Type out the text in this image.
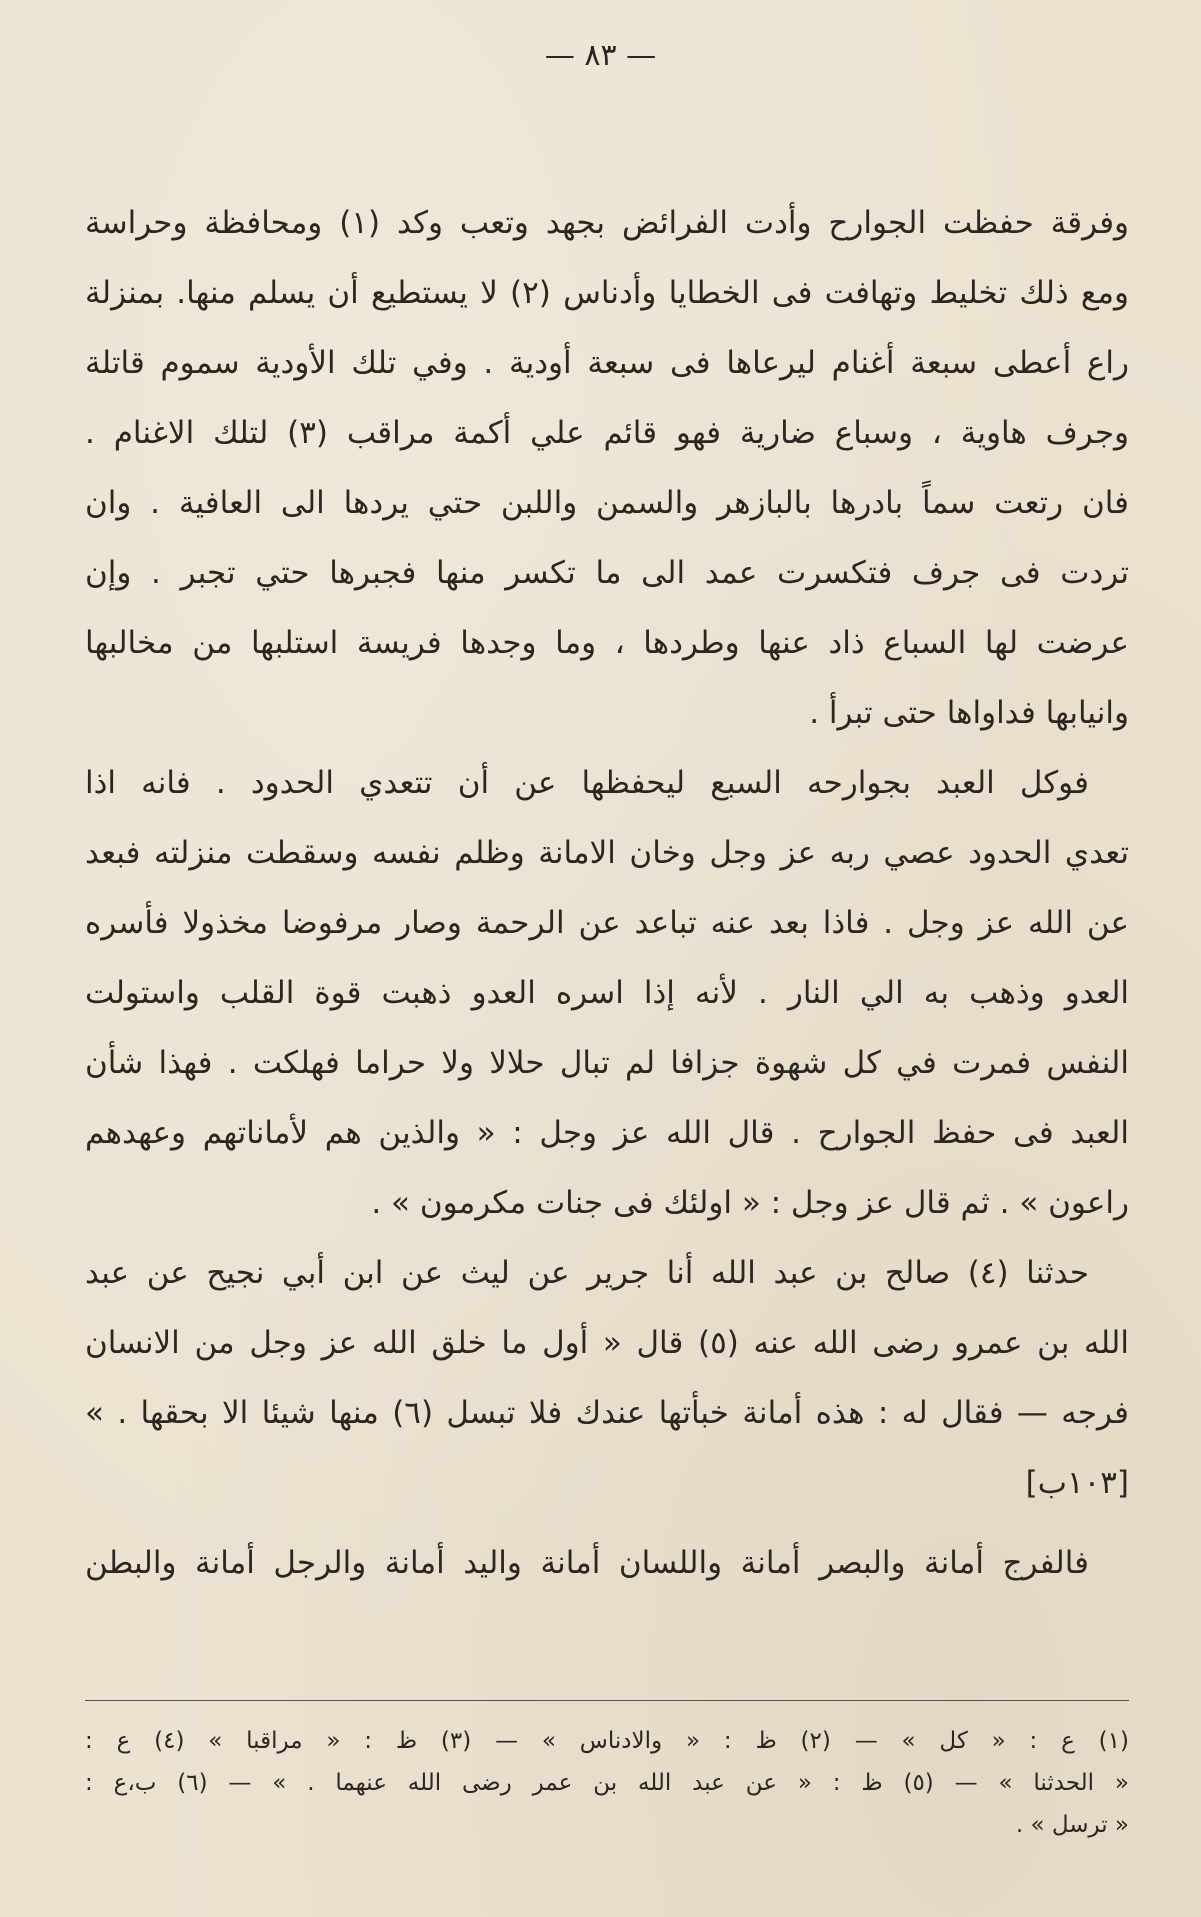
— ٨٣ —
وفرقة حفظت الجوارح وأدت الفرائض بجهد وتعب وكد (١) ومحافظة وحراسة
ومع ذلك تخليط وتهافت فى الخطايا وأدناس (٢) لا يستطيع أن يسلم منها. بمنزلة
راع أعطى سبعة أغنام ليرعاها فى سبعة أودية . وفي تلك الأودية سموم قاتلة
وجرف هاوية ، وسباع ضارية فهو قائم علي أكمة مراقب (٣) لتلك الاغنام .
فان رتعت سماً بادرها بالبازهر والسمن واللبن حتي يردها الى العافية . وان
تردت فى جرف فتكسرت عمد الى ما تكسر منها فجبرها حتي تجبر . وإن
عرضت لها السباع ذاد عنها وطردها ، وما وجدها فريسة استلبها من مخالبها
وانيابها فداواها حتى تبرأ .
فوكل العبد بجوارحه السبع ليحفظها عن أن تتعدي الحدود . فانه اذا
تعدي الحدود عصي ربه عز وجل وخان الامانة وظلم نفسه وسقطت منزلته فبعد
عن الله عز وجل . فاذا بعد عنه تباعد عن الرحمة وصار مرفوضا مخذولا فأسره
العدو وذهب به الي النار . لأنه إذا اسره العدو ذهبت قوة القلب واستولت
النفس فمرت في كل شهوة جزافا لم تبال حلالا ولا حراما فهلكت . فهذا شأن
العبد فى حفظ الجوارح . قال الله عز وجل : « والذين هم لأماناتهم وعهدهم
راعون » . ثم قال عز وجل : « اولئك فى جنات مكرمون » .
حدثنا (٤) صالح بن عبد الله أنا جرير عن ليث عن ابن أبي نجيح عن عبد
الله بن عمرو رضى الله عنه (٥) قال « أول ما خلق الله عز وجل من الانسان
فرجه — فقال له : هذه أمانة خبأتها عندك فلا تبسل (٦) منها شيئا الا بحقها . »
[١٠٣ب]
فالفرج أمانة والبصر أمانة واللسان أمانة واليد أمانة والرجل أمانة والبطن
(١) ع : « كل » — (٢) ظ : « والادناس » — (٣) ظ : « مراقبا » (٤) ع :
« الحدثنا » — (٥) ظ : « عن عبد الله بن عمر رضى الله عنهما . » — (٦) ب،ع :
« ترسل » .
